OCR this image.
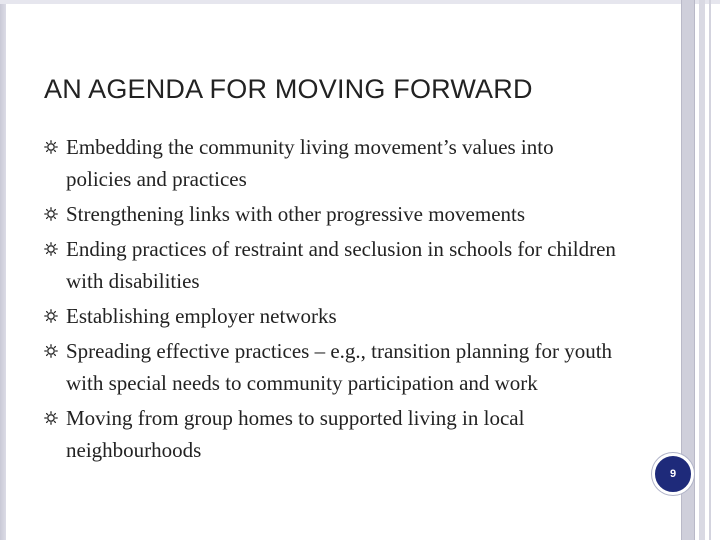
AN AGENDA FOR MOVING FORWARD
Embedding the community living movement’s values into policies and practices
Strengthening links with other progressive movements
Ending practices of restraint and seclusion in schools for children with disabilities
Establishing employer networks
Spreading effective practices – e.g., transition planning for youth with special needs to community participation and work
Moving from group homes to supported living in local neighbourhoods
9
